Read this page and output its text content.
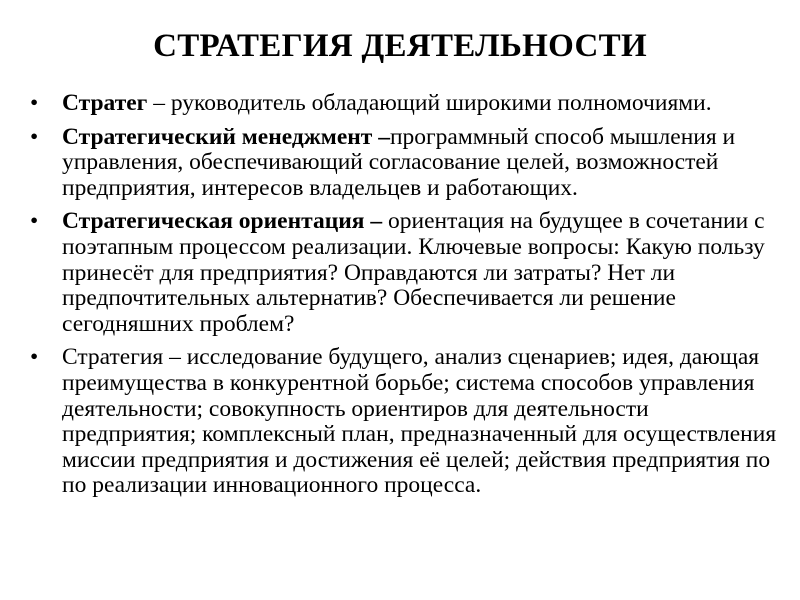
СТРАТЕГИЯ ДЕЯТЕЛЬНОСТИ
• Стратег – руководитель обладающий широкими полномочиями.
• Стратегический менеджмент –программный способ мышления и управления, обеспечивающий согласование целей, возможностей предприятия, интересов владельцев и работающих.
• Стратегическая ориентация – ориентация на будущее в сочетании с поэтапным процессом реализации. Ключевые вопросы: Какую пользу принесёт для предприятия? Оправдаются ли затраты? Нет ли предпочтительных альтернатив? Обеспечивается ли решение сегодняшних проблем?
• Стратегия – исследование будущего, анализ сценариев; идея, дающая преимущества в конкурентной борьбе; система способов управления деятельности; совокупность ориентиров для деятельности предприятия; комплексный план, предназначенный для осуществления миссии предприятия и достижения её целей; действия предприятия по по реализации инновационного процесса.
